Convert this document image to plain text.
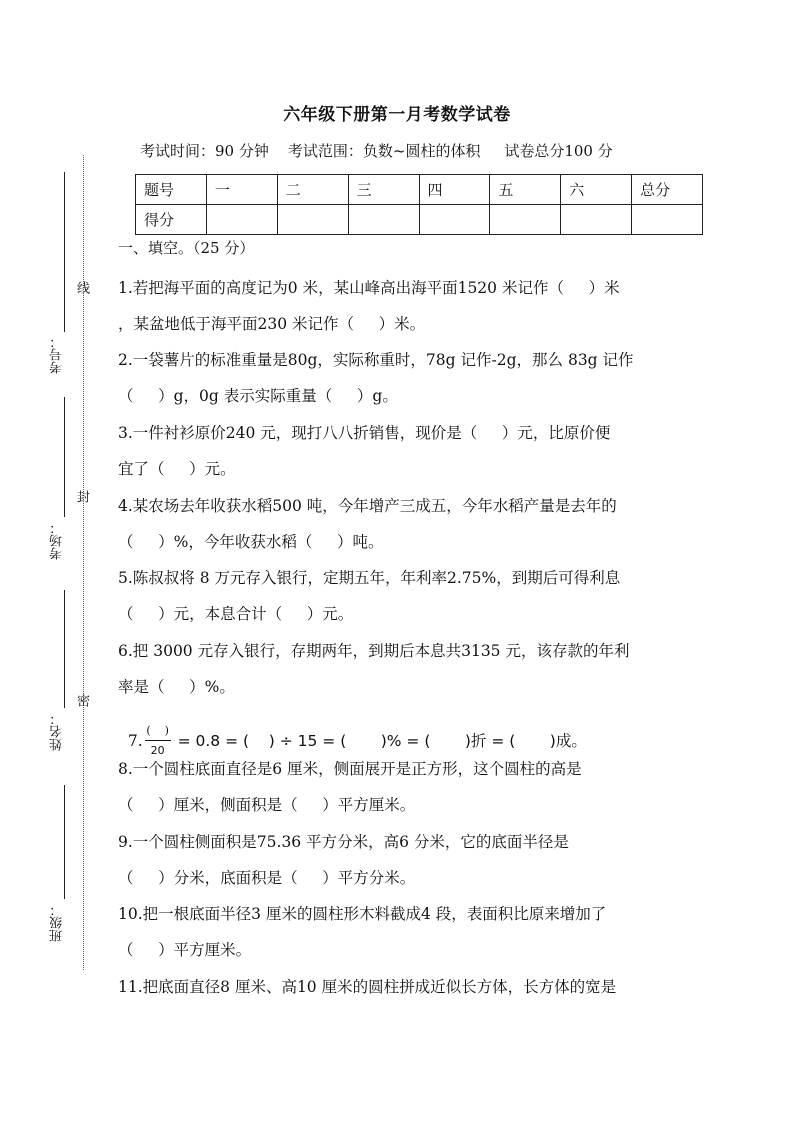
线
封
密
考号：
考场：
姓名：
班级：
六年级下册第一月考数学试卷
考试时间：90 分钟    考试范围：负数~圆柱的体积     试卷总分100 分
题号	一	二	三	四	五	六	总分
得分							
一、填空。（25 分）
1.若把海平面的高度记为0 米，某山峰高出海平面1520 米记作（     ）米
，某盆地低于海平面230 米记作（     ）米。
2.一袋薯片的标准重量是80g，实际称重时，78g 记作-2g，那么 83g 记作
（     ）g，0g 表示实际重量（     ）g。
3.一件衬衫原价240 元，现打八八折销售，现价是（     ）元，比原价便
宜了（     ）元。
4.某农场去年收获水稻500 吨，今年增产三成五，今年水稻产量是去年的
（     ）%，今年收获水稻（     ）吨。
5.陈叔叔将 8 万元存入银行，定期五年，年利率2.75%，到期后可得利息
（     ）元，本息合计（     ）元。
6.把 3000 元存入银行，存期两年，到期后本息共3135 元，该存款的年利
率是（     ）%。

7. $\frac{( )}{20} = 0.8$ = (    ) ÷ 15 = (       )% = (       )折 = (       )成。

8.一个圆柱底面直径是6 厘米，侧面展开是正方形，这个圆柱的高是
（     ）厘米，侧面积是（     ）平方厘米。
9.一个圆柱侧面积是75.36 平方分米，高6 分米，它的底面半径是
（     ）分米，底面积是（     ）平方分米。
10.把一根底面半径3 厘米的圆柱形木料截成4 段，表面积比原来增加了
（     ）平方厘米。
11.把底面直径8 厘米、高10 厘米的圆柱拼成近似长方体，长方体的宽是
